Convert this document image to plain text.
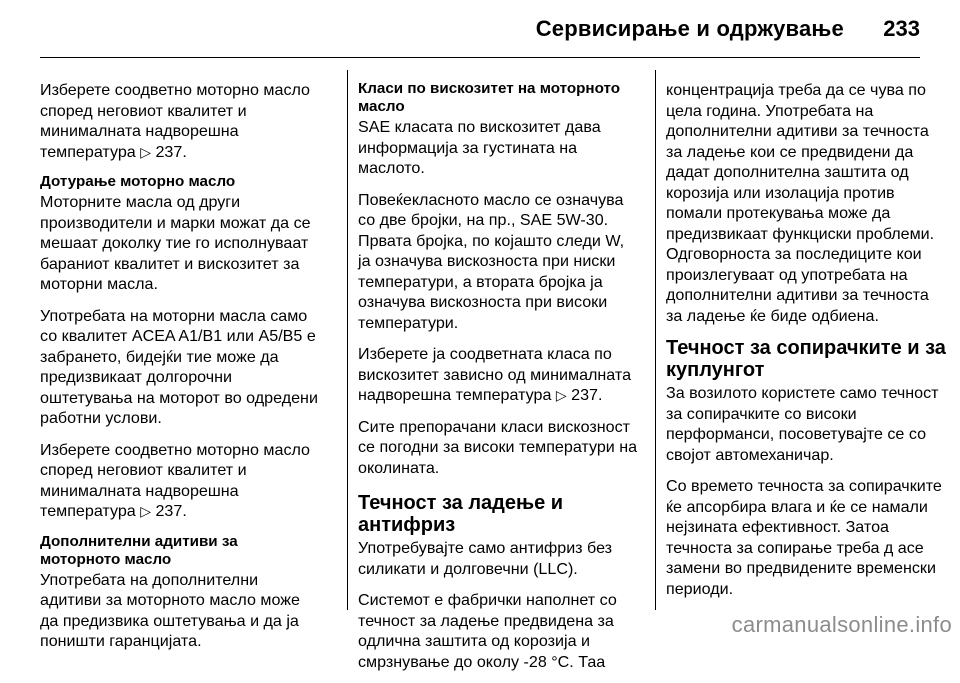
Сервисирање и одржување 233

Изберете соодветно моторно масло според неговиот квалитет и минималната надворешна температура ▷ 237.

Дотурање моторно масло

Моторните масла од други производители и марки можат да се мешаат доколку тие го исполнуваат бараниот квалитет и вискозитет за моторни масла.

Употребата на моторни масла само со квалитет ACEA A1/B1 или A5/B5 е забрането, бидејќи тие може да предизвикаат долгорочни оштетувања на моторот во одредени работни услови.

Изберете соодветно моторно масло според неговиот квалитет и минималната надворешна температура ▷ 237.

Дополнителни адитиви за моторното масло

Употребата на дополнителни адитиви за моторното масло може да предизвика оштетувања и да ја поништи гаранцијата.

Класи по вискозитет на моторното масло

SAE класата по вискозитет дава информација за густината на маслото.

Повеќекласното масло се означува со две бројки, на пр., SAE 5W-30. Првата бројка, по којашто следи W, ја означува вискозноста при ниски температури, а втората бројка ја означува вискозноста при високи температури.

Изберете ја соодветната класа по вискозитет зависно од минималната надворешна температура ▷ 237.

Сите препорачани класи вискозност се погодни за високи температури на околината.

Течност за ладење и антифриз

Употребувајте само антифриз без силикати и долговечни (LLC).

Системот е фабрички наполнет со течност за ладење предвидена за одлична заштита од корозија и смрзнување до околу -28 °C. Таа

концентрација треба да се чува по цела година. Употребата на дополнителни адитиви за течноста за ладење кои се предвидени да дадат дополнителна заштита од корозија или изолација против помали протекувања може да предизвикаат функциски проблеми. Одговорноста за последиците кои произлегуваат од употребата на дополнителни адитиви за течноста за ладење ќе биде одбиена.

Течност за сопирачките и за куплунгот

За возилото користете само течност за сопирачките со високи перформанси, посоветувајте се со својот автомеханичар.

Со времето течноста за сопирачките ќе апсорбира влага и ќе се намали нејзината ефективност. Затоа течноста за сопирање треба д асе замени во предвидените временски периоди.

carmanualsonline.info
